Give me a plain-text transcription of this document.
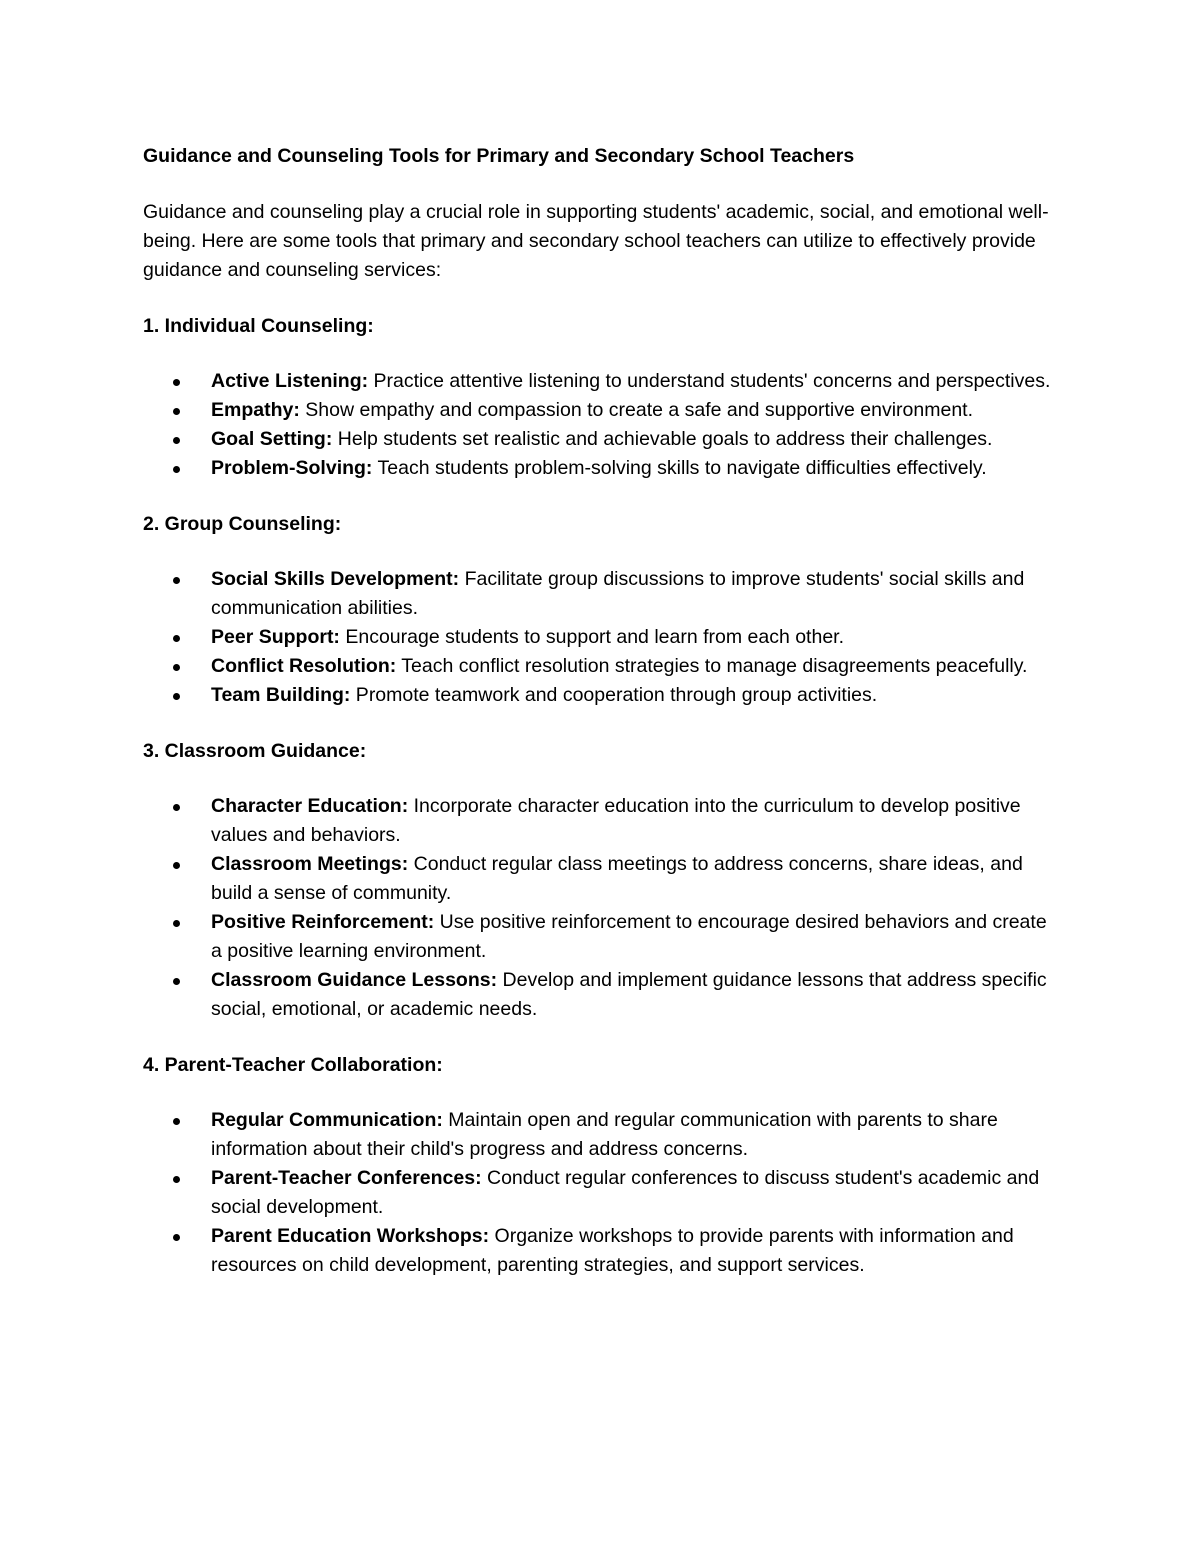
Guidance and Counseling Tools for Primary and Secondary School Teachers
Guidance and counseling play a crucial role in supporting students' academic, social, and emotional well-being. Here are some tools that primary and secondary school teachers can utilize to effectively provide guidance and counseling services:
1. Individual Counseling:
Active Listening: Practice attentive listening to understand students' concerns and perspectives.
Empathy: Show empathy and compassion to create a safe and supportive environment.
Goal Setting: Help students set realistic and achievable goals to address their challenges.
Problem-Solving: Teach students problem-solving skills to navigate difficulties effectively.
2. Group Counseling:
Social Skills Development: Facilitate group discussions to improve students' social skills and communication abilities.
Peer Support: Encourage students to support and learn from each other.
Conflict Resolution: Teach conflict resolution strategies to manage disagreements peacefully.
Team Building: Promote teamwork and cooperation through group activities.
3. Classroom Guidance:
Character Education: Incorporate character education into the curriculum to develop positive values and behaviors.
Classroom Meetings: Conduct regular class meetings to address concerns, share ideas, and build a sense of community.
Positive Reinforcement: Use positive reinforcement to encourage desired behaviors and create a positive learning environment.
Classroom Guidance Lessons: Develop and implement guidance lessons that address specific social, emotional, or academic needs.
4. Parent-Teacher Collaboration:
Regular Communication: Maintain open and regular communication with parents to share information about their child's progress and address concerns.
Parent-Teacher Conferences: Conduct regular conferences to discuss student's academic and social development.
Parent Education Workshops: Organize workshops to provide parents with information and resources on child development, parenting strategies, and support services.
